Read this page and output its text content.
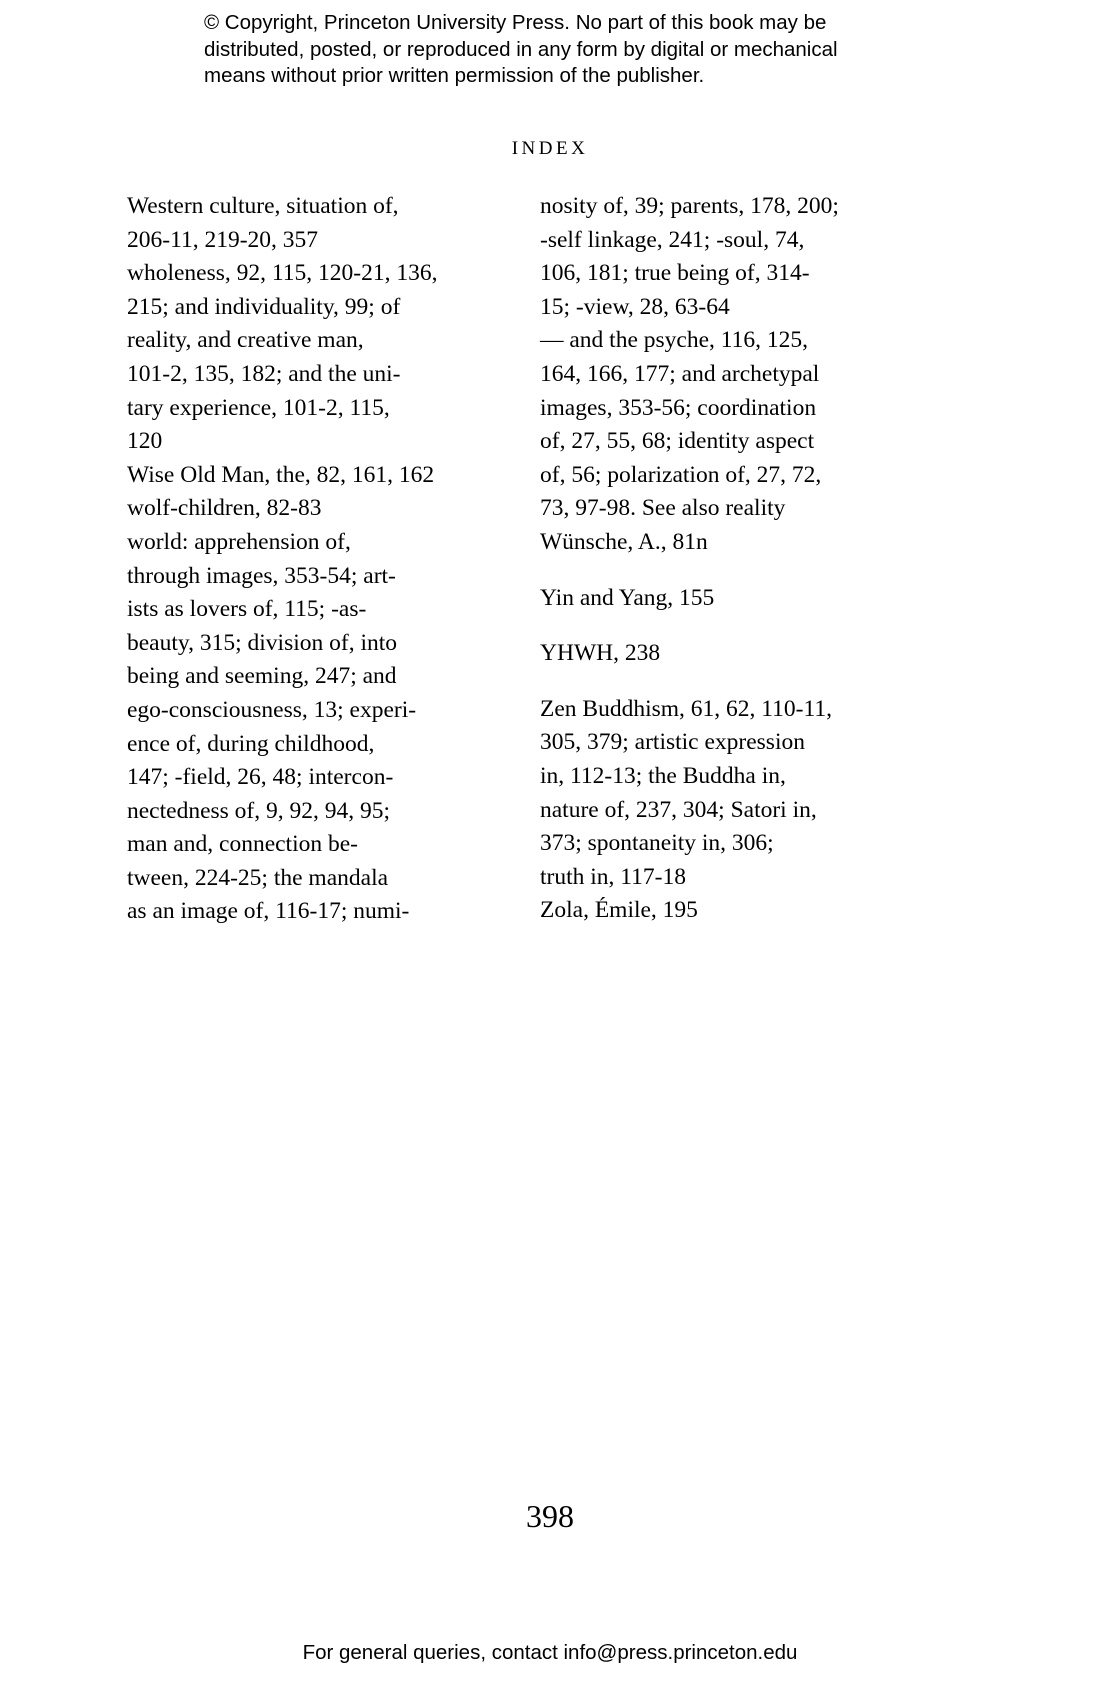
© Copyright, Princeton University Press. No part of this book may be
distributed, posted, or reproduced in any form by digital or mechanical
means without prior written permission of the publisher.
INDEX
Western culture, situation of,
206-11, 219-20, 357
wholeness, 92, 115, 120-21, 136,
215; and individuality, 99; of
reality, and creative man,
101-2, 135, 182; and the uni-
tary experience, 101-2, 115,
120
Wise Old Man, the, 82, 161, 162
wolf-children, 82-83
world: apprehension of,
through images, 353-54; art-
ists as lovers of, 115; -as-
beauty, 315; division of, into
being and seeming, 247; and
ego-consciousness, 13; experi-
ence of, during childhood,
147; -field, 26, 48; intercon-
nectedness of, 9, 92, 94, 95;
man and, connection be-
tween, 224-25; the mandala
as an image of, 116-17; numi-
nosity of, 39; parents, 178, 200;
-self linkage, 241; -soul, 74,
106, 181; true being of, 314-
15; -view, 28, 63-64
— and the psyche, 116, 125,
164, 166, 177; and archetypal
images, 353-56; coordination
of, 27, 55, 68; identity aspect
of, 56; polarization of, 27, 72,
73, 97-98. See also reality
Wünsche, A., 81n
Yin and Yang, 155
YHWH, 238
Zen Buddhism, 61, 62, 110-11,
305, 379; artistic expression
in, 112-13; the Buddha in,
nature of, 237, 304; Satori in,
373; spontaneity in, 306;
truth in, 117-18
Zola, Émile, 195
398
For general queries, contact info@press.princeton.edu
